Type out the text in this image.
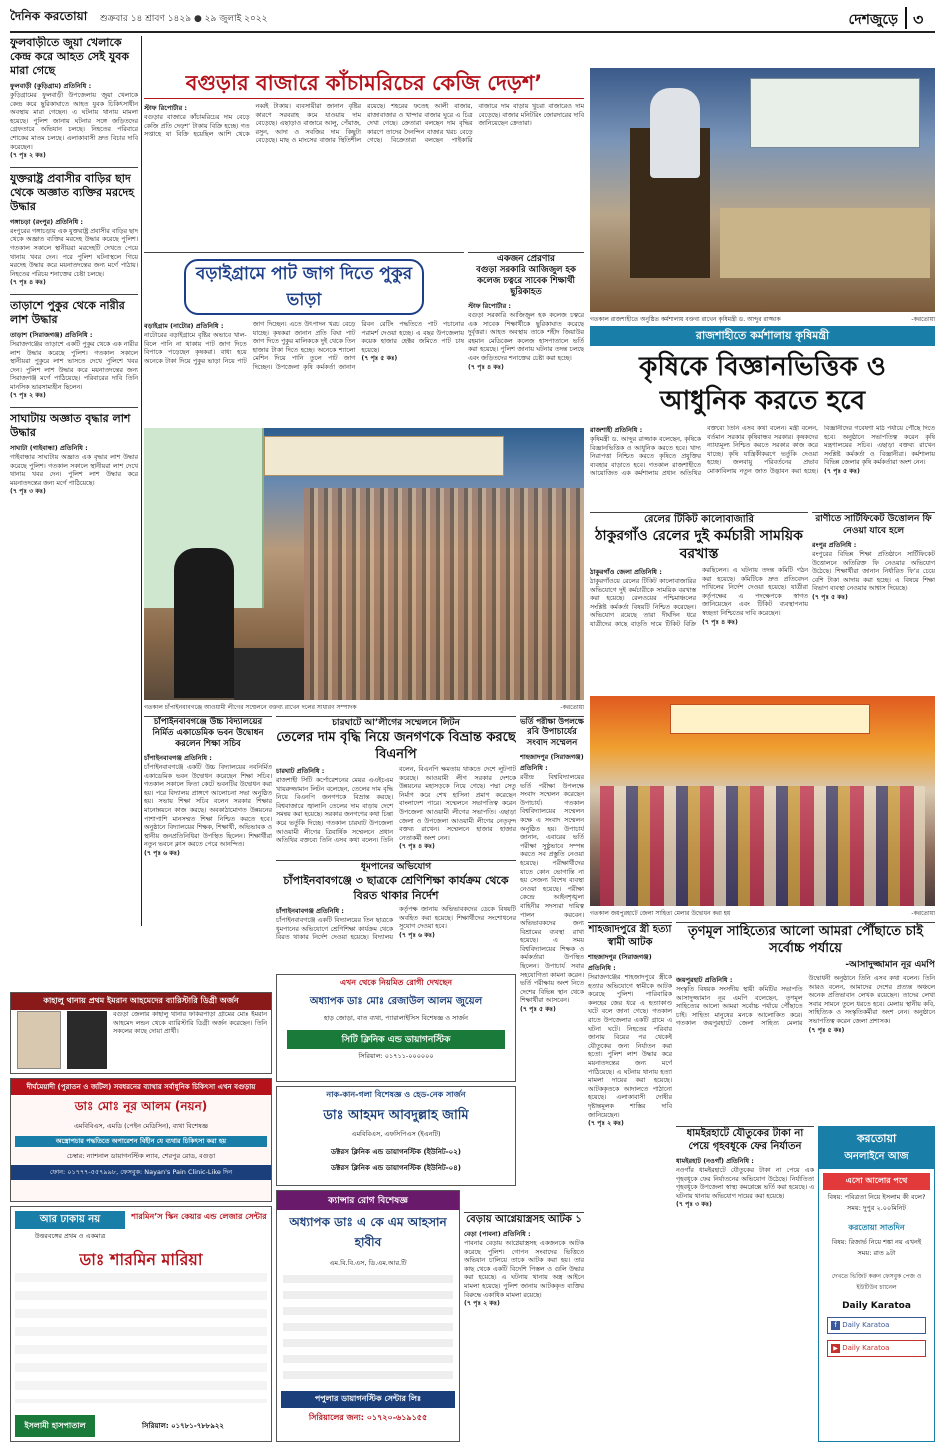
দৈনিক করতোয়া	শুক্রবার ১৪ শ্রাবণ ১৪২৯ ● ২৯ জুলাই ২০২২	দেশজুড়ে ৩
ফুলবাড়ীতে জুয়া খেলাকে কেন্দ্র করে আহত সেই যুবক মারা গেছে
ফুলবাড়ী (কুড়িগ্রাম) প্রতিনিধি :
কুড়িগ্রামের ফুলবাড়ী উপজেলায় জুয়া খেলাকে কেন্দ্র করে ছুরিকাঘাতে আহত যুবক চিকিৎসাধীন অবস্থায় মারা গেছেন। এ ঘটনায় থানায় মামলা হয়েছে। পুলিশ জানায় ঘটনার সঙ্গে জড়িতদের গ্রেফতারে অভিযান চলছে। নিহতের পরিবারে শোকের মাতম চলছে। এলাকাবাসী দ্রুত বিচার দাবি করেছেন।
(৭ পৃঃ ২ কঃ)
যুক্তরাষ্ট্র প্রবাসীর বাড়ির ছাদ থেকে অজ্ঞাত ব্যক্তির মরদেহ উদ্ধার
গঙ্গাচড়া (রংপুর) প্রতিনিধি :
রংপুরের গঙ্গাচড়ায় এক যুক্তরাষ্ট্র প্রবাসীর বাড়ির ছাদ থেকে অজ্ঞাত ব্যক্তির মরদেহ উদ্ধার করেছে পুলিশ। গতকাল সকালে স্থানীয়রা মরদেহটি দেখতে পেয়ে থানায় খবর দেন। পরে পুলিশ ঘটনাস্থলে গিয়ে মরদেহ উদ্ধার করে ময়নাতদন্তের জন্য মর্গে পাঠায়। নিহতের পরিচয় শনাক্তের চেষ্টা চলছে।
(৭ পৃঃ ৪ কঃ)
তাড়াশে পুকুর থেকে নারীর লাশ উদ্ধার
তাড়াশ (সিরাজগঞ্জ) প্রতিনিধি :
সিরাজগঞ্জের তাড়াশে একটি পুকুর থেকে এক নারীর লাশ উদ্ধার করেছে পুলিশ। গতকাল সকালে স্থানীয়রা পুকুরে লাশ ভাসতে দেখে পুলিশে খবর দেন। পুলিশ লাশ উদ্ধার করে ময়নাতদন্তের জন্য সিরাজগঞ্জ মর্গে পাঠিয়েছে। পরিবারের দাবি তিনি মানসিক ভারসাম্যহীন ছিলেন।
(৭ পৃঃ ২ কঃ)
সাঘাটায় অজ্ঞাত বৃদ্ধার লাশ উদ্ধার
সাঘাটা (গাইবান্ধা) প্রতিনিধি :
গাইবান্ধার সাঘাটায় অজ্ঞাত এক বৃদ্ধার লাশ উদ্ধার করেছে পুলিশ। গতকাল সকালে স্থানীয়রা লাশ দেখে থানায় খবর দেন। পুলিশ লাশ উদ্ধার করে ময়নাতদন্তের জন্য মর্গে পাঠিয়েছে।
(৭ পৃঃ ৩ কঃ)
বগুড়ার বাজারে কাঁচামরিচের কেজি দেড়শ’
স্টাফ রিপোর্টার :
বগুড়ার বাজারে কাঁচামরিচের দাম বেড়ে কেজি প্রতি দেড়শ’ টাকায় বিক্রি হচ্ছে। গত সপ্তাহে যা বিক্রি হয়েছিল আশি থেকে নব্বই টাকায়। ব্যবসায়ীরা জানান বৃষ্টির কারণে সরবরাহ কমে যাওয়ায় দাম বেড়েছে। এছাড়াও বাজারে আলু, পেঁয়াজ, রসুন, আদা ও সবজির দাম কিছুটা বেড়েছে। মাছ ও মাংসের বাজার স্থিতিশীল রয়েছে। শহরের ফতেহ আলী বাজার, রাজাবাজার ও খান্দার বাজার ঘুরে এ চিত্র দেখা গেছে। ক্রেতারা বলছেন দাম বৃদ্ধির কারণে তাদের দৈনন্দিন বাজার খরচ বেড়ে গেছে। বিক্রেতারা বলছেন পাইকারি বাজারে দাম বাড়ায় খুচরা বাজারেও দাম বেড়েছে। বাজার মনিটরিং জোরদারের দাবি জানিয়েছেন ক্রেতারা।
বড়াইগ্রামে পাট জাগ দিতে পুকুর ভাড়া
বড়াইগ্রাম (নাটোর) প্রতিনিধি :
নাটোরের বড়াইগ্রামে বৃষ্টির অভাবে খাল-বিলে পানি না থাকায় পাট জাগ দিতে বিপাকে পড়েছেন কৃষকরা। বাধ্য হয়ে অনেকে টাকা দিয়ে পুকুর ভাড়া নিয়ে পাট জাগ দিচ্ছেন। এতে উৎপাদন খরচ বেড়ে যাচ্ছে। কৃষকরা জানান প্রতি বিঘা পাট জাগ দিতে পুকুর মালিককে দুই থেকে তিন হাজার টাকা দিতে হচ্ছে। অনেকে শ্যালো মেশিন দিয়ে পানি তুলে পাট জাগ দিচ্ছেন। উপজেলা কৃষি কর্মকর্তা জানান রিবন রেটিং পদ্ধতিতে পাট পচানোর পরামর্শ দেওয়া হচ্ছে। এ বছর উপজেলায় কয়েক হাজার হেক্টর জমিতে পাট চাষ হয়েছে।
(৭ পৃঃ ৫ কঃ)
একজন প্রেরণার
বগুড়া সরকারি আজিজুল হক কলেজ চত্বরে সাবেক শিক্ষার্থী ছুরিকাহত
স্টাফ রিপোর্টার :
বগুড়া সরকারি আজিজুল হক কলেজ চত্বরে এক সাবেক শিক্ষার্থীকে ছুরিকাঘাত করেছে দুর্বৃত্তরা। আহত অবস্থায় তাকে শহীদ জিয়াউর রহমান মেডিকেল কলেজ হাসপাতালে ভর্তি করা হয়েছে। পুলিশ জানায় ঘটনার তদন্ত চলছে এবং জড়িতদের শনাক্তের চেষ্টা করা হচ্ছে।
(৭ পৃঃ ৪ কঃ)
গতকাল রাজশাহীতে অনুষ্ঠিত কর্মশালায় বক্তব্য রাখেন কৃষিমন্ত্রী ড. আব্দুর রাজ্জাক	-করতোয়া
রাজশাহীতে কর্মশালায় কৃষিমন্ত্রী
কৃষিকে বিজ্ঞানভিত্তিক ও আধুনিক করতে হবে
রাজশাহী প্রতিনিধি :
কৃষিমন্ত্রী ড. আব্দুর রাজ্জাক বলেছেন, কৃষিকে বিজ্ঞানভিত্তিক ও আধুনিক করতে হবে। খাদ্য নিরাপত্তা নিশ্চিত করতে কৃষিতে প্রযুক্তির ব্যবহার বাড়াতে হবে। গতকাল রাজশাহীতে আয়োজিত এক কর্মশালায় প্রধান অতিথির বক্তব্যে তিনি এসব কথা বলেন। মন্ত্রী বলেন, বর্তমান সরকার কৃষিবান্ধব সরকার। কৃষকদের ন্যায্যমূল্য নিশ্চিত করতে সরকার কাজ করে যাচ্ছে। কৃষি যান্ত্রিকীকরণে ভর্তুকি দেওয়া হচ্ছে। জলবায়ু পরিবর্তনের প্রভাব মোকাবিলায় নতুন জাত উদ্ভাবন করা হচ্ছে। বিজ্ঞানীদের গবেষণা মাঠ পর্যায়ে পৌঁছে দিতে হবে। অনুষ্ঠানে সভাপতিত্ব করেন কৃষি মন্ত্রণালয়ের সচিব। এছাড়া বক্তব্য রাখেন সংশ্লিষ্ট কর্মকর্তা ও বিজ্ঞানীরা। কর্মশালায় বিভিন্ন জেলার কৃষি কর্মকর্তারা অংশ নেন।
(৭ পৃঃ ৫ কঃ)
গতকাল চাঁপাইনবাবগঞ্জে আওয়ামী লীগের সম্মেলনে বক্তব্য রাখেন দলের সাধারণ সম্পাদক	-করতোয়া
রেলের টিকিট কালোবাজারি
ঠাকুরগাঁও রেলের দুই কর্মচারী সাময়িক বরখাস্ত
ঠাকুরগাঁও জেলা প্রতিনিধি :
ঠাকুরগাঁওয়ে রেলের টিকিট কালোবাজারির অভিযোগে দুই কর্মচারীকে সাময়িক বরখাস্ত করা হয়েছে। রেলওয়ের পশ্চিমাঞ্চলের সংশ্লিষ্ট কর্মকর্তা বিষয়টি নিশ্চিত করেছেন। অভিযোগ রয়েছে তারা দীর্ঘদিন ধরে যাত্রীদের কাছে বাড়তি দামে টিকিট বিক্রি করছিলেন। এ ঘটনায় তদন্ত কমিটি গঠন করা হয়েছে। কমিটিকে দ্রুত প্রতিবেদন দাখিলের নির্দেশ দেওয়া হয়েছে। যাত্রীরা কর্তৃপক্ষের এ পদক্ষেপকে স্বাগত জানিয়েছেন এবং টিকিট ব্যবস্থাপনায় স্বচ্ছতা নিশ্চিতের দাবি করেছেন।
(৭ পৃঃ ৪ কঃ)
রাণীতে সার্টিফিকেট উত্তোলন ফি নেওয়া যাবে হলে
রংপুর প্রতিনিধি :
রংপুরের বিভিন্ন শিক্ষা প্রতিষ্ঠানে সার্টিফিকেট উত্তোলনে অতিরিক্ত ফি নেওয়ার অভিযোগ উঠেছে। শিক্ষার্থীরা জানান নির্ধারিত ফি’র চেয়ে বেশি টাকা আদায় করা হচ্ছে। এ বিষয়ে শিক্ষা বিভাগ ব্যবস্থা নেওয়ার আশ্বাস দিয়েছে।
(৭ পৃঃ ৫ কঃ)
চাঁপাইনবাবগঞ্জে উচ্চ বিদ্যালয়ের নির্মিত একাডেমিক ভবন উদ্বোধন করলেন শিক্ষা সচিব
চাঁপাইনবাবগঞ্জ প্রতিনিধি :
চাঁপাইনবাবগঞ্জে একটি উচ্চ বিদ্যালয়ের নবনির্মিত একাডেমিক ভবন উদ্বোধন করেছেন শিক্ষা সচিব। গতকাল সকালে ফিতা কেটে ভবনটির উদ্বোধন করা হয়। পরে বিদ্যালয় প্রাঙ্গণে আলোচনা সভা অনুষ্ঠিত হয়। সভায় শিক্ষা সচিব বলেন সরকার শিক্ষার মানোন্নয়নে কাজ করছে। অবকাঠামোগত উন্নয়নের পাশাপাশি মানসম্মত শিক্ষা নিশ্চিত করতে হবে। অনুষ্ঠানে বিদ্যালয়ের শিক্ষক, শিক্ষার্থী, অভিভাবক ও স্থানীয় জনপ্রতিনিধিরা উপস্থিত ছিলেন। শিক্ষার্থীরা নতুন ভবনে ক্লাস করতে পেরে আনন্দিত।
(৭ পৃঃ ৬ কঃ)
চারঘাটে আ’লীগের সম্মেলনে লিটন
তেলের দাম বৃদ্ধি নিয়ে জনগণকে বিভ্রান্ত করছে বিএনপি
চারঘাট প্রতিনিধি :
রাজশাহী সিটি কর্পোরেশনের মেয়র এএইচএম খায়রুজ্জামান লিটন বলেছেন, তেলের দাম বৃদ্ধি নিয়ে বিএনপি জনগণকে বিভ্রান্ত করছে। বিশ্ববাজারে জ্বালানি তেলের দাম বাড়ায় দেশে সমন্বয় করা হয়েছে। সরকার জনগণের কথা চিন্তা করে ভর্তুকি দিচ্ছে। গতকাল চারঘাট উপজেলা আওয়ামী লীগের ত্রিবার্ষিক সম্মেলনে প্রধান অতিথির বক্তব্যে তিনি এসব কথা বলেন। তিনি বলেন, বিএনপি ক্ষমতায় থাকতে দেশে লুটপাট করেছে। আওয়ামী লীগ সরকার দেশকে উন্নয়নের মহাসড়কে নিয়ে গেছে। পদ্মা সেতু নির্মাণ করে শেখ হাসিনা প্রমাণ করেছেন বাংলাদেশ পারে। সম্মেলনে সভাপতিত্ব করেন উপজেলা আওয়ামী লীগের সভাপতি। এছাড়া জেলা ও উপজেলা আওয়ামী লীগের নেতৃবৃন্দ বক্তব্য রাখেন। সম্মেলনে হাজার হাজার নেতাকর্মী অংশ নেন।
(৭ পৃঃ ৪ কঃ)
ভর্তি পরীক্ষা উপলক্ষে
রবি উপাচার্যের সংবাদ সম্মেলন
শাহজাদপুর (সিরাজগঞ্জ) প্রতিনিধি :
রবীন্দ্র বিশ্ববিদ্যালয়ের ভর্তি পরীক্ষা উপলক্ষে সংবাদ সম্মেলন করেছেন উপাচার্য। গতকাল বিশ্ববিদ্যালয়ের সম্মেলন কক্ষে এ সংবাদ সম্মেলন অনুষ্ঠিত হয়। উপাচার্য জানান, এবারের ভর্তি পরীক্ষা সুষ্ঠুভাবে সম্পন্ন করতে সব প্রস্তুতি নেওয়া হয়েছে। পরীক্ষার্থীদের যাতে কোন ভোগান্তি না হয় সেজন্য বিশেষ ব্যবস্থা নেওয়া হয়েছে। পরীক্ষা কেন্দ্রে আইনশৃঙ্খলা বাহিনীর সদস্যরা দায়িত্ব পালন করবেন। অভিভাবকদের জন্য বিশ্রামের ব্যবস্থা রাখা হয়েছে। এ সময় বিশ্ববিদ্যালয়ের শিক্ষক ও কর্মকর্তারা উপস্থিত ছিলেন। উপাচার্য সবার সহযোগিতা কামনা করেন। ভর্তি পরীক্ষায় অংশ নিতে দেশের বিভিন্ন স্থান থেকে শিক্ষার্থীরা আসবেন।
(৭ পৃঃ ৫ কঃ)
ধূমপানের অভিযোগ
চাঁপাইনবাবগঞ্জে ৩ ছাত্রকে শ্রেণিশিক্ষা কার্যক্রম থেকে বিরত থাকার নির্দেশ
চাঁপাইনবাবগঞ্জ প্রতিনিধি :
চাঁপাইনবাবগঞ্জে একটি বিদ্যালয়ের তিন ছাত্রকে ধূমপানের অভিযোগে শ্রেণিশিক্ষা কার্যক্রম থেকে বিরত থাকার নির্দেশ দেওয়া হয়েছে। বিদ্যালয় কর্তৃপক্ষ জানায় অভিভাবকদের ডেকে বিষয়টি অবহিত করা হয়েছে। শিক্ষার্থীদের সংশোধনের সুযোগ দেওয়া হবে।
(৭ পৃঃ ৬ কঃ)
গতকাল জয়পুরহাটে জেলা সাহিত্য মেলার উদ্বোধন করা হয়	-করতোয়া
শাহজাদপুরে স্ত্রী হত্যা স্বামী আটক
শাহজাদপুর (সিরাজগঞ্জ) প্রতিনিধি :
সিরাজগঞ্জের শাহজাদপুরে স্ত্রীকে হত্যার অভিযোগে স্বামীকে আটক করেছে পুলিশ। পারিবারিক কলহের জের ধরে এ হত্যাকাণ্ড ঘটে বলে জানা গেছে। গতকাল রাতে উপজেলার একটি গ্রামে এ ঘটনা ঘটে। নিহতের পরিবার জানায় বিয়ের পর থেকেই যৌতুকের জন্য নির্যাতন করা হতো। পুলিশ লাশ উদ্ধার করে ময়নাতদন্তের জন্য মর্গে পাঠিয়েছে। এ ঘটনায় থানায় হত্যা মামলা দায়ের করা হয়েছে। আটককৃতকে আদালতে পাঠানো হয়েছে। এলাকাবাসী দোষীর দৃষ্টান্তমূলক শাস্তির দাবি জানিয়েছেন।
(৭ পৃঃ ২ কঃ)
তৃণমূল সাহিত্যের আলো আমরা পৌঁছাতে চাই সর্বোচ্চ পর্যায়ে
-আসাদুজ্জামান নূর এমপি
জয়পুরহাট প্রতিনিধি :
সংস্কৃতি বিষয়ক সংসদীয় স্থায়ী কমিটির সভাপতি আসাদুজ্জামান নূর এমপি বলেছেন, তৃণমূল সাহিত্যের আলো আমরা সর্বোচ্চ পর্যায়ে পৌঁছাতে চাই। সাহিত্য মানুষের মনকে আলোকিত করে। গতকাল জয়পুরহাটে জেলা সাহিত্য মেলার উদ্বোধনী অনুষ্ঠানে তিনি এসব কথা বলেন। তিনি আরও বলেন, আমাদের দেশের প্রত্যন্ত অঞ্চলে অনেক প্রতিভাবান লেখক রয়েছেন। তাদের লেখা সবার সামনে তুলে ধরতে হবে। মেলায় স্থানীয় কবি, সাহিত্যিক ও সংস্কৃতিকর্মীরা অংশ নেন। অনুষ্ঠানে সভাপতিত্ব করেন জেলা প্রশাসক।
(৭ পৃঃ ৫ কঃ)
বেড়ায় আগ্নেয়াস্ত্রসহ আটক ১
বেড়া (পাবনা) প্রতিনিধি :
পাবনার বেড়ায় আগ্নেয়াস্ত্রসহ একজনকে আটক করেছে পুলিশ। গোপন সংবাদের ভিত্তিতে অভিযান চালিয়ে তাকে আটক করা হয়। তার কাছ থেকে একটি বিদেশি পিস্তল ও গুলি উদ্ধার করা হয়েছে। এ ঘটনায় থানায় অস্ত্র আইনে মামলা হয়েছে। পুলিশ জানায় আটককৃত ব্যক্তির বিরুদ্ধে একাধিক মামলা রয়েছে।
(৭ পৃঃ ২ কঃ)
ধামইরহাটে যৌতুকের টাকা না পেয়ে গৃহবধূকে ফের নির্যাতন
ধামইরহাট (নওগাঁ) প্রতিনিধি :
নওগাঁর ধামইরহাটে যৌতুকের টাকা না পেয়ে এক গৃহবধূকে ফের নির্যাতনের অভিযোগ উঠেছে। নির্যাতিতা গৃহবধূকে উপজেলা স্বাস্থ্য কমপ্লেক্সে ভর্তি করা হয়েছে। এ ঘটনায় থানায় অভিযোগ দায়ের করা হয়েছে।
(৭ পৃঃ ৩ কঃ)
করতোয়া
অনলাইনে আজ
এসো আলোর পথে
বিষয়: পবিত্রতা নিয়ে ইসলাম কী বলে?
সময়: দুপুর ২.০০মিনিট
করতোয়া সাতদিন
বিষয়: রিজার্ভ নিয়ে শঙ্কা নয় এখনই
সময়: রাত ৯টা
দেখতে ভিজিট করুন ফেসবুক পেজ ও ইউটিউব চ্যানেল
Daily Karatoa
f Daily Karatoa
▶ Daily Karatoa
কাহালু থানায় প্রথম ইমরান আহমেদের ব্যারিস্টারি ডিগ্রী অর্জন
বগুড়া জেলার কাহালু থানার ফকিরপাড়া গ্রামের মোঃ ইমরান আহমেদ লন্ডন থেকে ব্যারিস্টারি ডিগ্রী অর্জন করেছেন। তিনি সকলের কাছে দোয়া প্রার্থী।
দীর্ঘমেয়াদী (পুরাতন ও জটিল) সবধরনের ব্যাথার সর্বাধুনিক চিকিৎসা এখন বগুড়ায়
ডাঃ মোঃ নূর আলম (নয়ন)
এমবিবিএস, এমডি (পেইন মেডিসিন), ব্যথা বিশেষজ্ঞ
অস্ত্রোপচার পদ্ধতিতে অপারেশন বিহীন যে ব্যথার চিকিৎসা করা হয়
চেম্বার: ন্যাশনাল ডায়াগনস্টিক ল্যাব, শেরপুর রোড, বগুড়া
ফোন: ০১৭৭৭-৫৫৭৯৯৮, ফেসবুক: Nayan's Pain Clinic-Like দিন
আর ঢাকায় নয়	শারমিন’স স্কিন কেয়ার এন্ড লেজার সেন্টার
উত্তরবঙ্গের প্রথম ও একমাত্র
ডাঃ শারমিন মারিয়া
ইসলামী হাসপাতাল	সিরিয়াল: ০১৭৮১-৭৮৮৯২২
এখন থেকে নিয়মিত রোগী দেখছেন
অধ্যাপক ডাঃ মোঃ রেজাউল আলম জুয়েল
হাড় জোড়া, বাত ব্যথা, প্যারালাইসিস বিশেষজ্ঞ ও সার্জন
সিটি ক্লিনিক এন্ড ডায়াগনস্টিক
সিরিয়াল: ০১৭১১-০০০০০০
নাক-কান-গলা বিশেষজ্ঞ ও হেড-নেক সার্জন
ডাঃ আহমদ আবদুল্লাহ জামি
এমবিবিএস, এফসিপিএস (ইএনটি)
ডক্টরস ক্লিনিক এন্ড ডায়াগনস্টিক (ইউনিট-০২)
ডক্টরস ক্লিনিক এন্ড ডায়াগনস্টিক (ইউনিট-০৪)
ক্যান্সার রোগ বিশেষজ্ঞ
অধ্যাপক ডাঃ এ কে এম আহসান হাবীব
এম.বি.বি.এস, ডি.এম.আর.টি
পপুলার ডায়াগনস্টিক সেন্টার লিঃ
সিরিয়ালের জন্য: ০১৭২০-৬১৯১৫৫
